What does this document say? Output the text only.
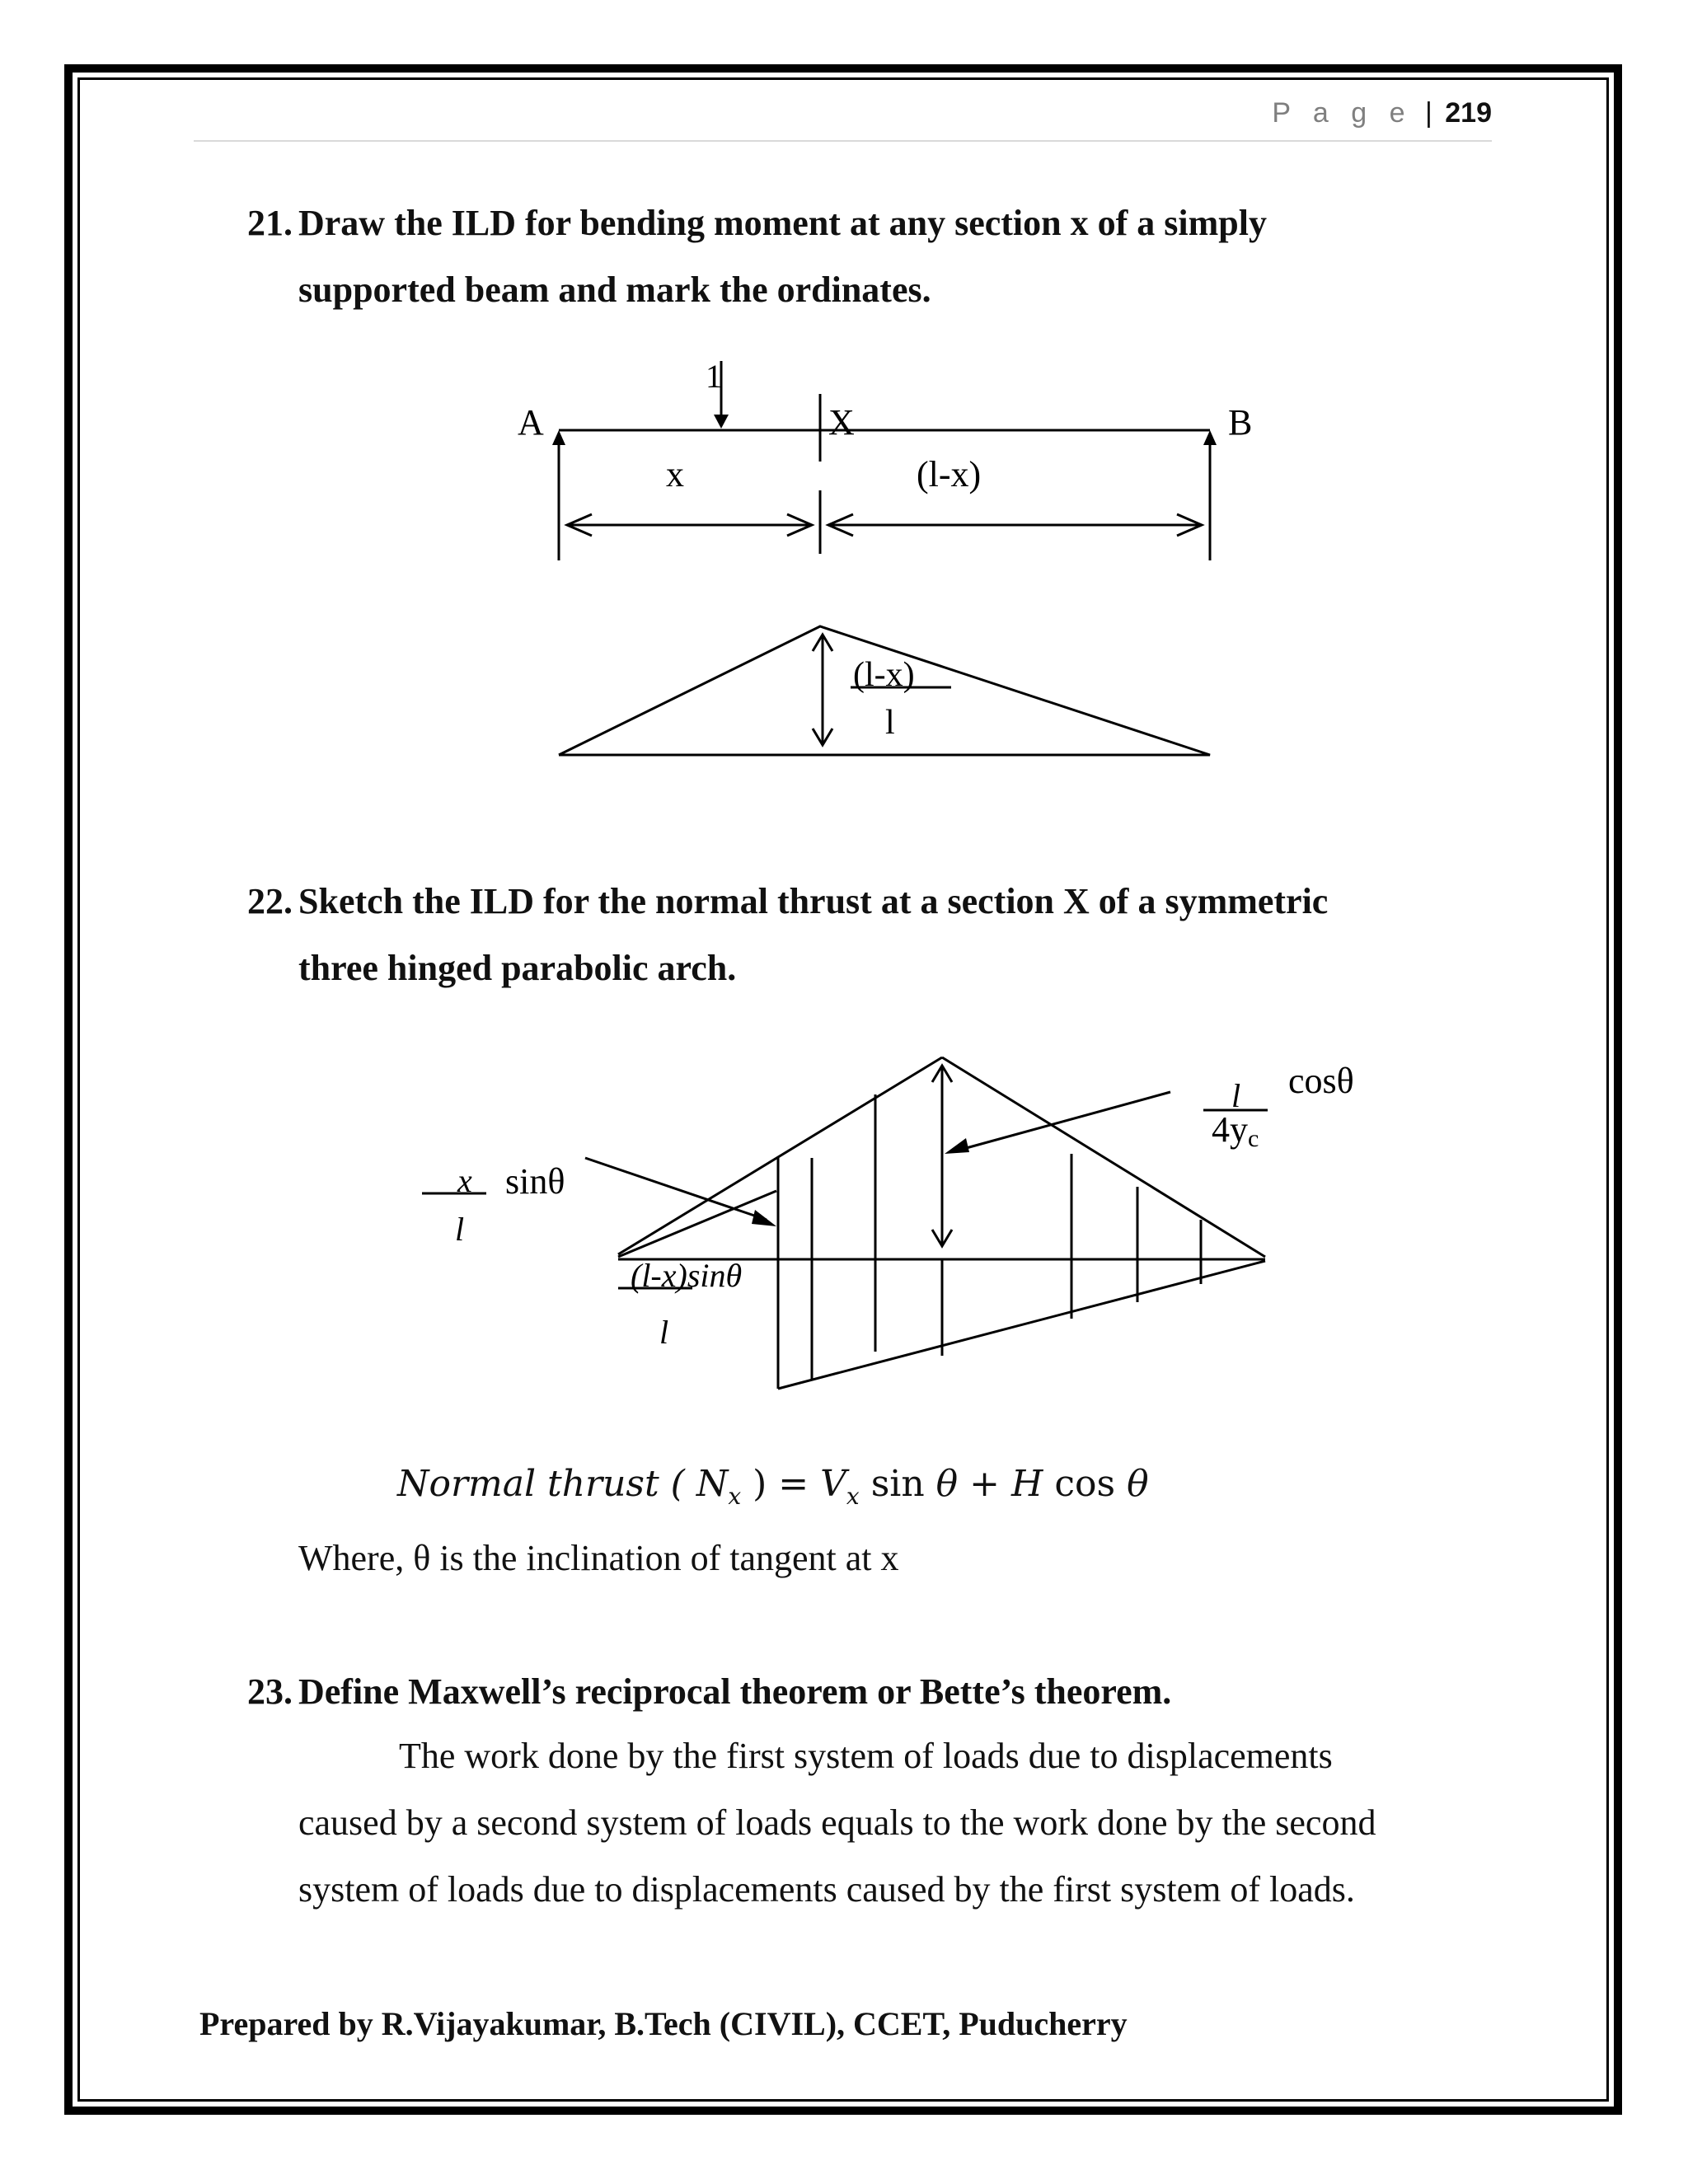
P a g e | 219
21. Draw the ILD for bending moment at any section x of a simply
supported beam and mark the ordinates.
1
A	X	B
x	(l-x)
(l-x)
l
22. Sketch the ILD for the normal thrust at a section X of a symmetric
three hinged parabolic arch.
x
l
sinθ
l cosθ
4yc
(l-x)sinθ
l
Normal thrust ( $N_x$ ) = $V_x$ sin θ + H cos θ
Where, θ is the inclination of tangent at x
23. Define Maxwell’s reciprocal theorem or Bette’s theorem.
The work done by the first system of loads due to displacements
caused by a second system of loads equals to the work done by the second
system of loads due to displacements caused by the first system of loads.
Prepared by R.Vijayakumar, B.Tech (CIVIL), CCET, Puducherry
